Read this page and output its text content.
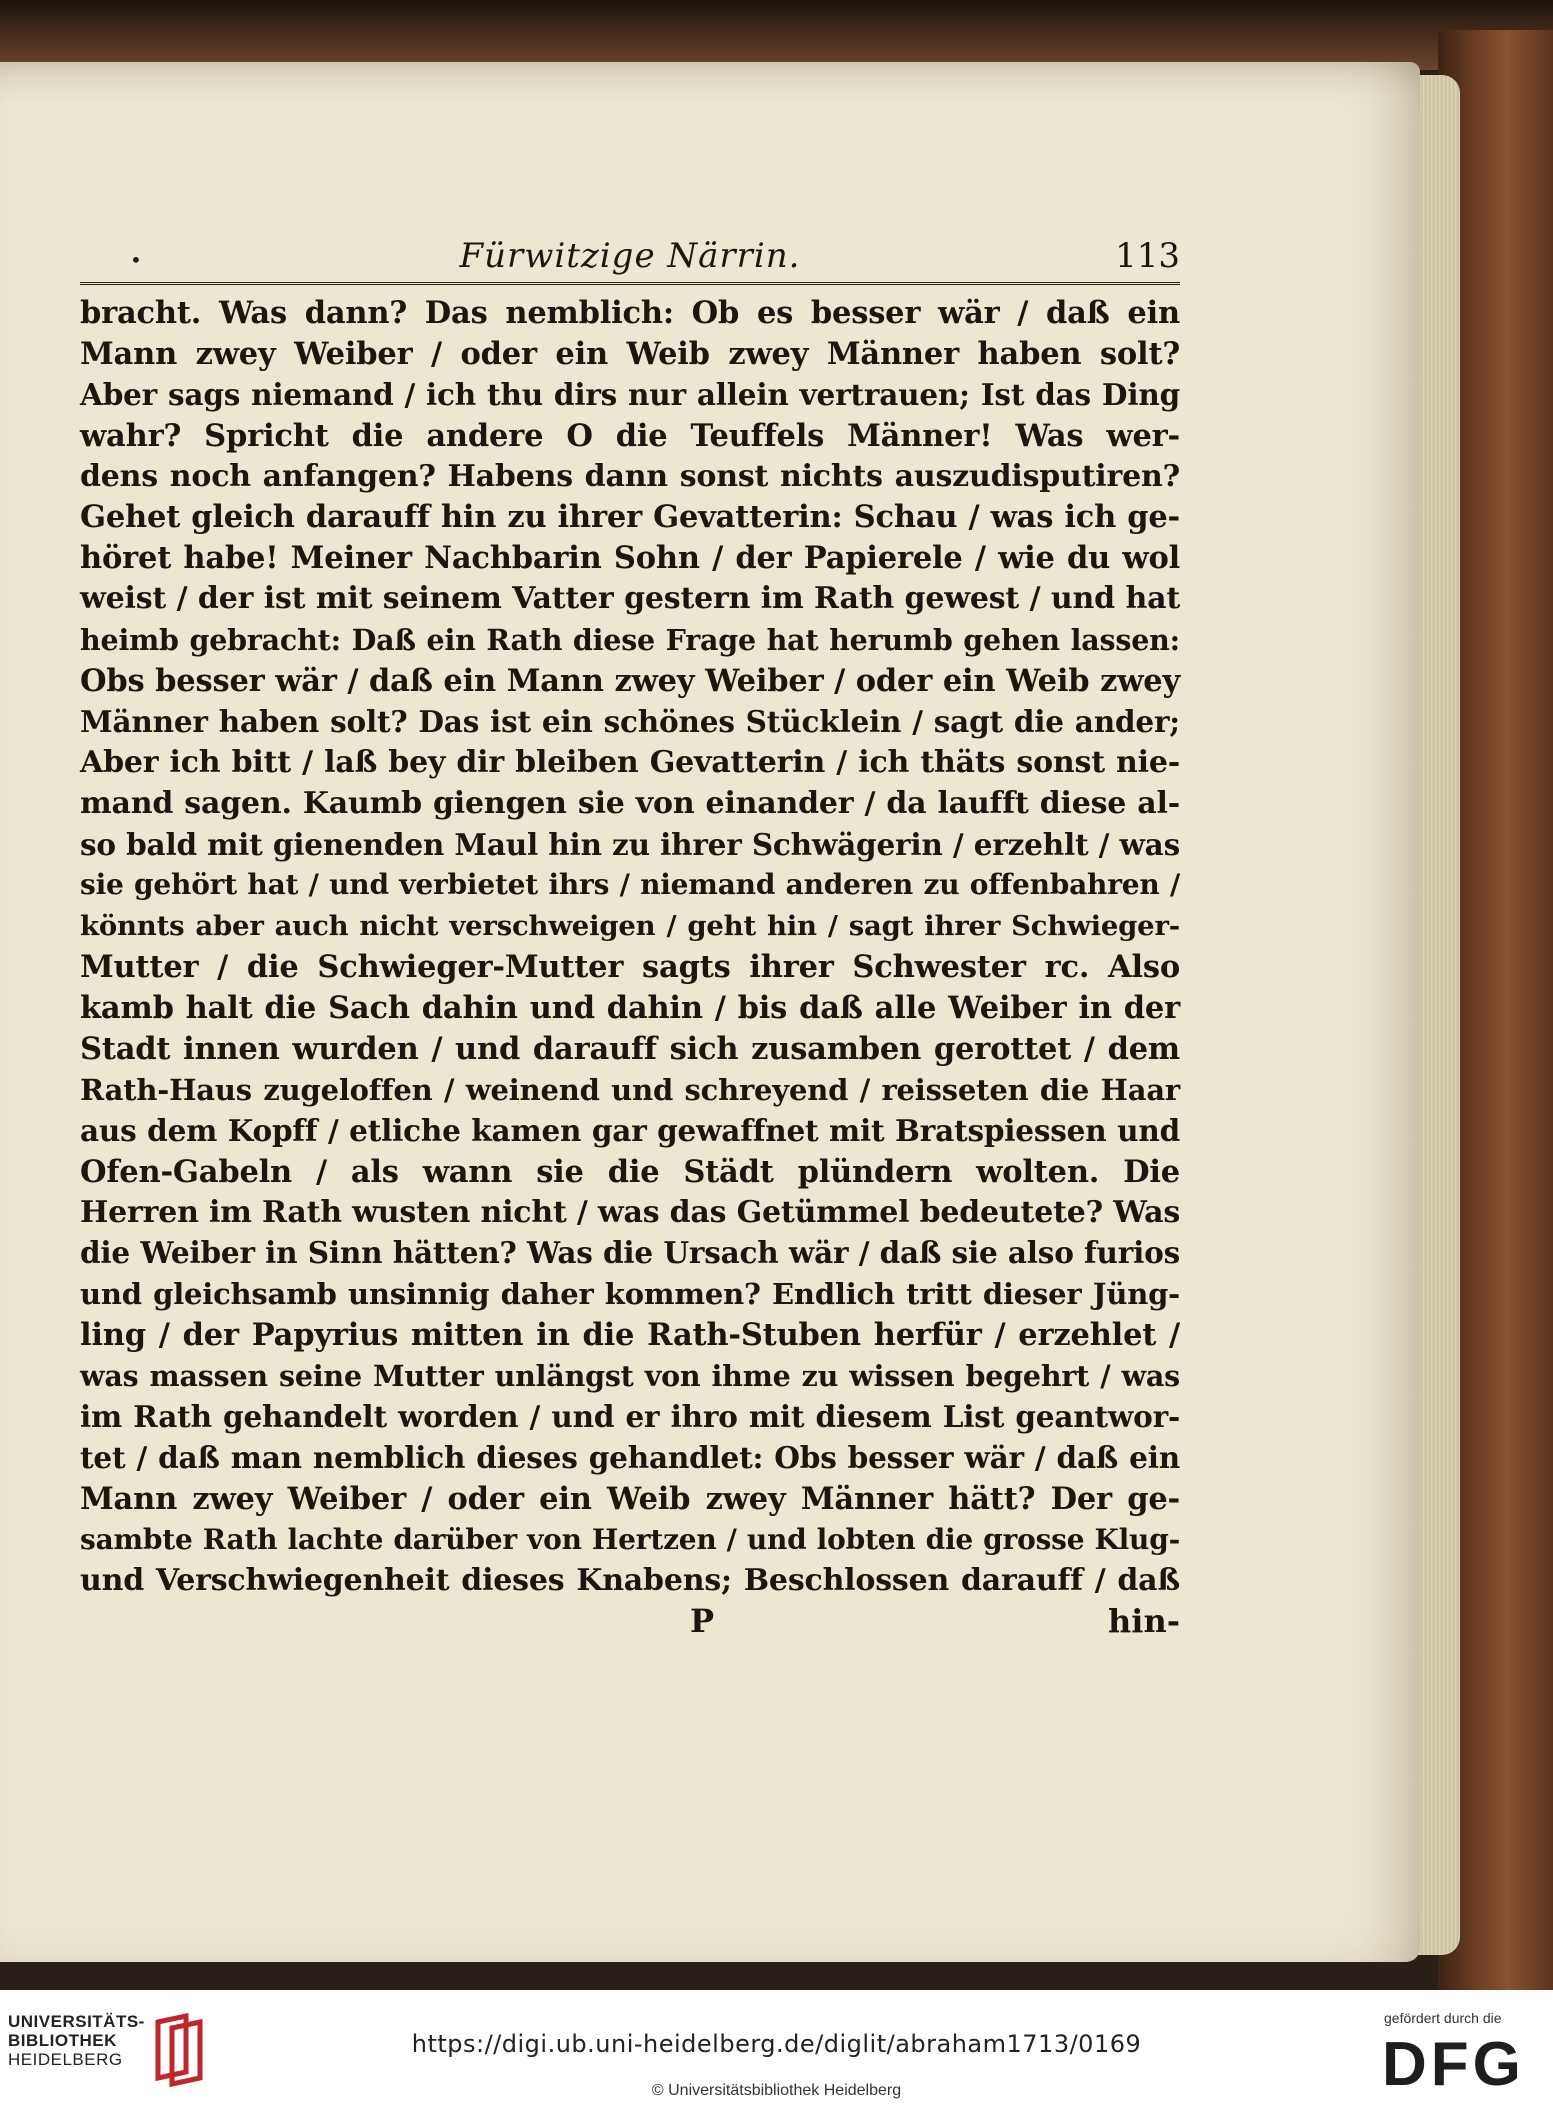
•	Fürwitzige Närrin.	113
bracht. Was dann? Das nemblich: Ob es besser wär / daß ein
Mann zwey Weiber / oder ein Weib zwey Männer haben solt?
Aber sags niemand / ich thu dirs nur allein vertrauen; Ist das Ding
wahr? Spricht die andere O die Teuffels Männer! Was wer-
dens noch anfangen? Habens dann sonst nichts auszudisputiren?
Gehet gleich darauff hin zu ihrer Gevatterin: Schau / was ich ge-
höret habe! Meiner Nachbarin Sohn / der Papierele / wie du wol
weist / der ist mit seinem Vatter gestern im Rath gewest / und hat
heimb gebracht: Daß ein Rath diese Frage hat herumb gehen lassen:
Obs besser wär / daß ein Mann zwey Weiber / oder ein Weib zwey
Männer haben solt? Das ist ein schönes Stücklein / sagt die ander;
Aber ich bitt / laß bey dir bleiben Gevatterin / ich thäts sonst nie-
mand sagen. Kaumb giengen sie von einander / da laufft diese al-
so bald mit gienenden Maul hin zu ihrer Schwägerin / erzehlt / was
sie gehört hat / und verbietet ihrs / niemand anderen zu offenbahren /
könnts aber auch nicht verschweigen / geht hin / sagt ihrer Schwieger-
Mutter / die Schwieger-Mutter sagts ihrer Schwester rc. Also
kamb halt die Sach dahin und dahin / bis daß alle Weiber in der
Stadt innen wurden / und darauff sich zusamben gerottet / dem
Rath-Haus zugeloffen / weinend und schreyend / reisseten die Haar
aus dem Kopff / etliche kamen gar gewaffnet mit Bratspiessen und
Ofen-Gabeln / als wann sie die Städt plündern wolten. Die
Herren im Rath wusten nicht / was das Getümmel bedeutete? Was
die Weiber in Sinn hätten? Was die Ursach wär / daß sie also furios
und gleichsamb unsinnig daher kommen? Endlich tritt dieser Jüng-
ling / der Papyrius mitten in die Rath-Stuben herfür / erzehlet /
was massen seine Mutter unlängst von ihme zu wissen begehrt / was
im Rath gehandelt worden / und er ihro mit diesem List geantwor-
tet / daß man nemblich dieses gehandlet: Obs besser wär / daß ein
Mann zwey Weiber / oder ein Weib zwey Männer hätt? Der ge-
sambte Rath lachte darüber von Hertzen / und lobten die grosse Klug-
und Verschwiegenheit dieses Knabens; Beschlossen darauff / daß
P	hin-
UNIVERSITÄTS-
BIBLIOTHEK
HEIDELBERG
https://digi.ub.uni-heidelberg.de/diglit/abraham1713/0169
© Universitätsbibliothek Heidelberg
gefördert durch die
DFG
